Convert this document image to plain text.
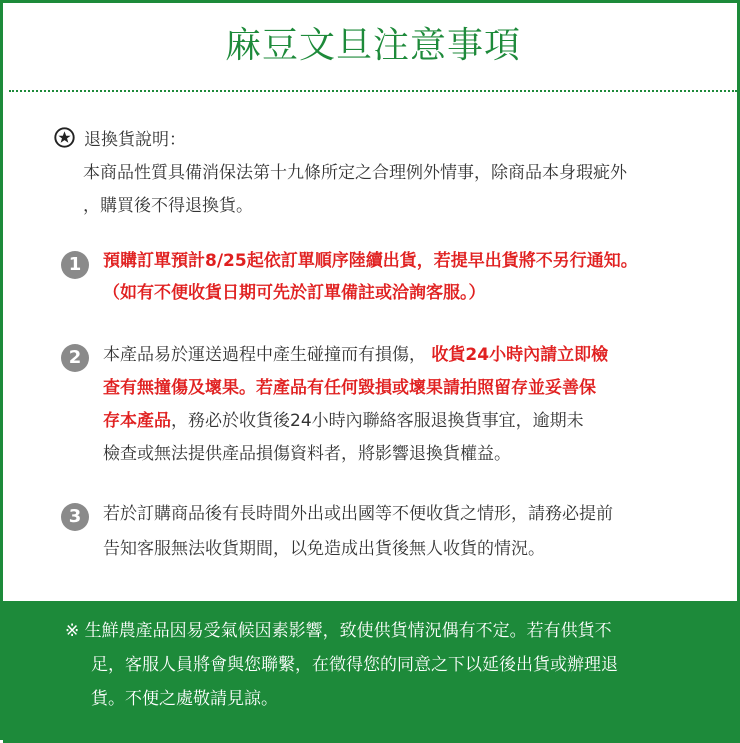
麻豆文旦注意事項
退換貨說明：
本商品性質具備消保法第十九條所定之合理例外情事，除商品本身瑕疵外
，購買後不得退換貨。
1	預購訂單預計8/25起依訂單順序陸續出貨，若提早出貨將不另行通知。
（如有不便收貨日期可先於訂單備註或洽詢客服。）
2	本產品易於運送過程中產生碰撞而有損傷， 收貨24小時內請立即檢
查有無撞傷及壞果。若產品有任何毀損或壞果請拍照留存並妥善保
存本產品，務必於收貨後24小時內聯絡客服退換貨事宜，逾期未
檢查或無法提供產品損傷資料者，將影響退換貨權益。
3	若於訂購商品後有長時間外出或出國等不便收貨之情形，請務必提前
告知客服無法收貨期間，以免造成出貨後無人收貨的情況。
※ 生鮮農產品因易受氣候因素影響，致使供貨情況偶有不定。若有供貨不
足，客服人員將會與您聯繫，在徵得您的同意之下以延後出貨或辦理退
貨。不便之處敬請見諒。
